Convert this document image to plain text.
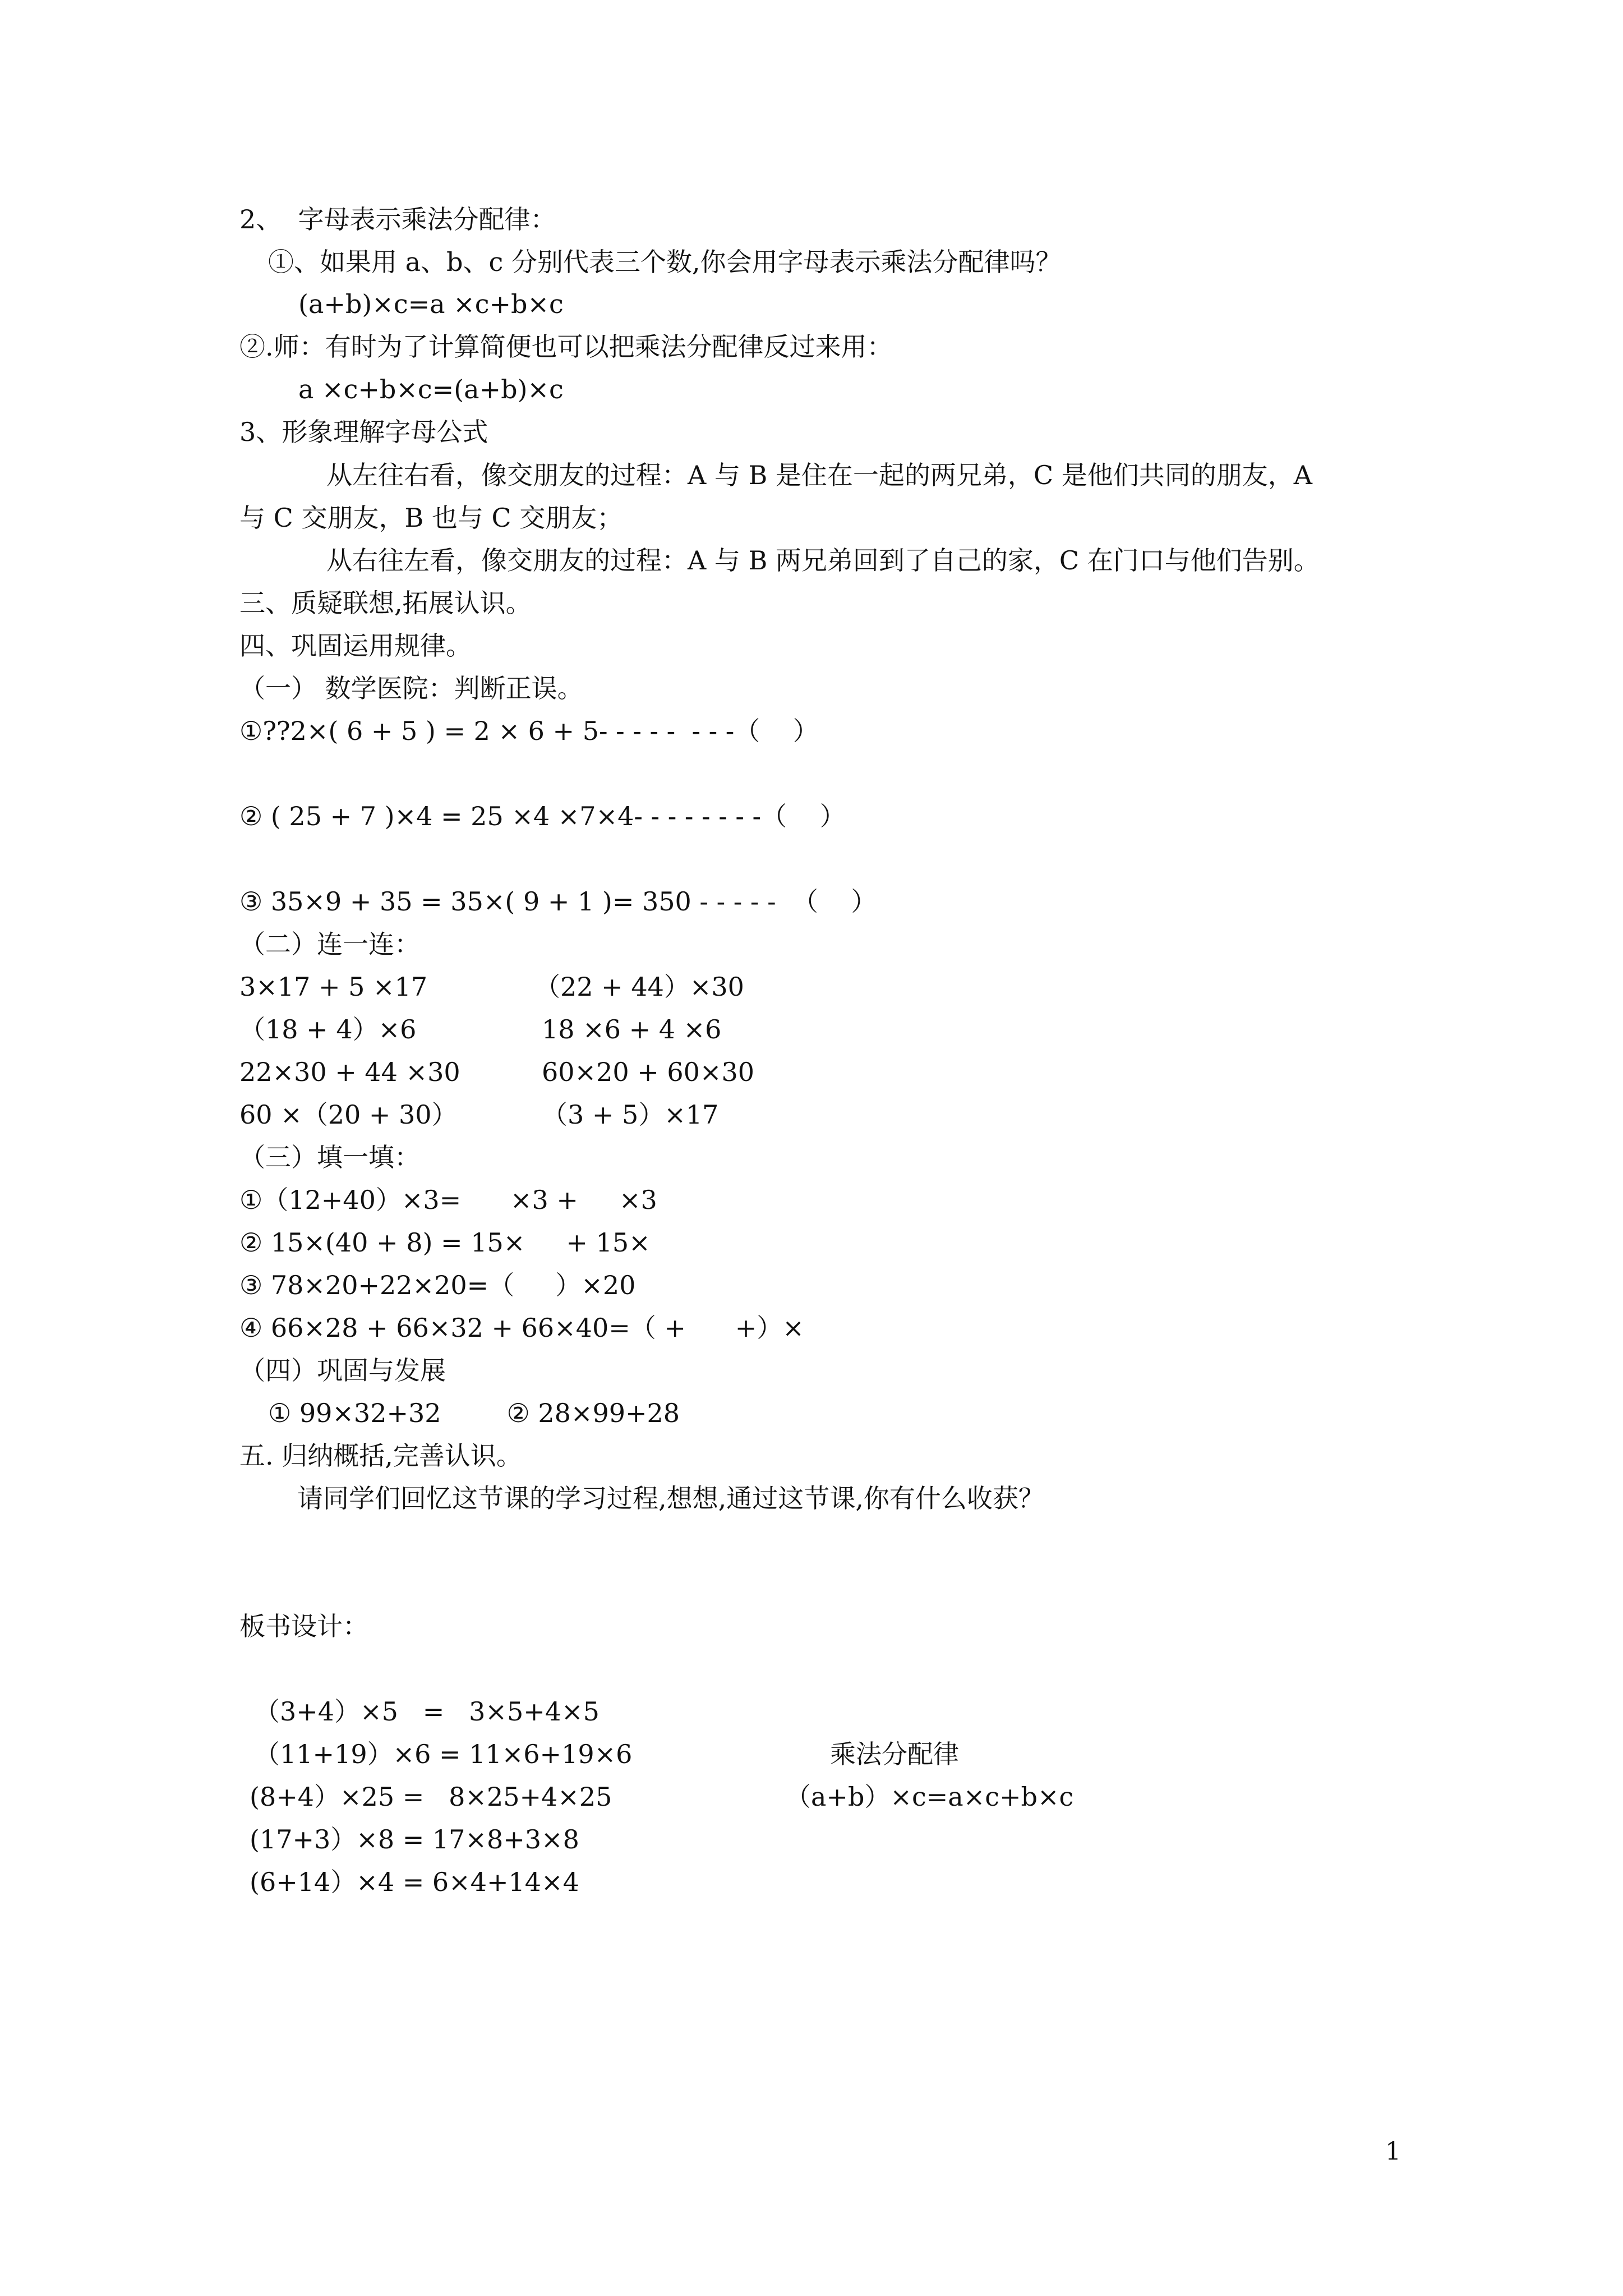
2、  字母表示乘法分配律：
①、如果用 a、b、c 分别代表三个数,你会用字母表示乘法分配律吗？
(a+b)×c=a ×c+b×c
②.师：有时为了计算简便也可以把乘法分配律反过来用：
a ×c+b×c=(a+b)×c
3、形象理解字母公式
从左往右看，像交朋友的过程：A 与 B 是住在一起的两兄弟，C 是他们共同的朋友，A
与 C 交朋友，B 也与 C 交朋友；
从右往左看，像交朋友的过程：A 与 B 两兄弟回到了自己的家，C 在门口与他们告别。
三、质疑联想,拓展认识。
四、巩固运用规律。
（一） 数学医院：判断正误。
①??2×( 6 + 5 ) = 2 × 6 + 5- - - - -  - - -（    ）
② ( 25 + 7 )×4 = 25 ×4 ×7×4- - - - - - - -（    ）
③ 35×9 + 35 = 35×( 9 + 1 )= 350 - - - - -  （    ）
（二）连一连：
3×17 + 5 ×17	（22 + 44）×30
（18 + 4）×6	18 ×6 + 4 ×6
22×30 + 44 ×30	60×20 + 60×30
60 ×（20 + 30）	（3 + 5）×17
（三）填一填：
①（12+40）×3=      ×3 +     ×3
② 15×(40 + 8) = 15×     + 15×
③ 78×20+22×20=（     ）×20
④ 66×28 + 66×32 + 66×40=（ +      +）×
（四）巩固与发展
① 99×32+32        ② 28×99+28
五. 归纳概括,完善认识。
请同学们回忆这节课的学习过程,想想,通过这节课,你有什么收获？
板书设计：
（3+4）×5   =   3×5+4×5
（11+19）×6 = 11×6+19×6	乘法分配律
(8+4）×25 =   8×25+4×25	（a+b）×c=a×c+b×c
(17+3）×8 = 17×8+3×8
(6+14）×4 = 6×4+14×4
1
